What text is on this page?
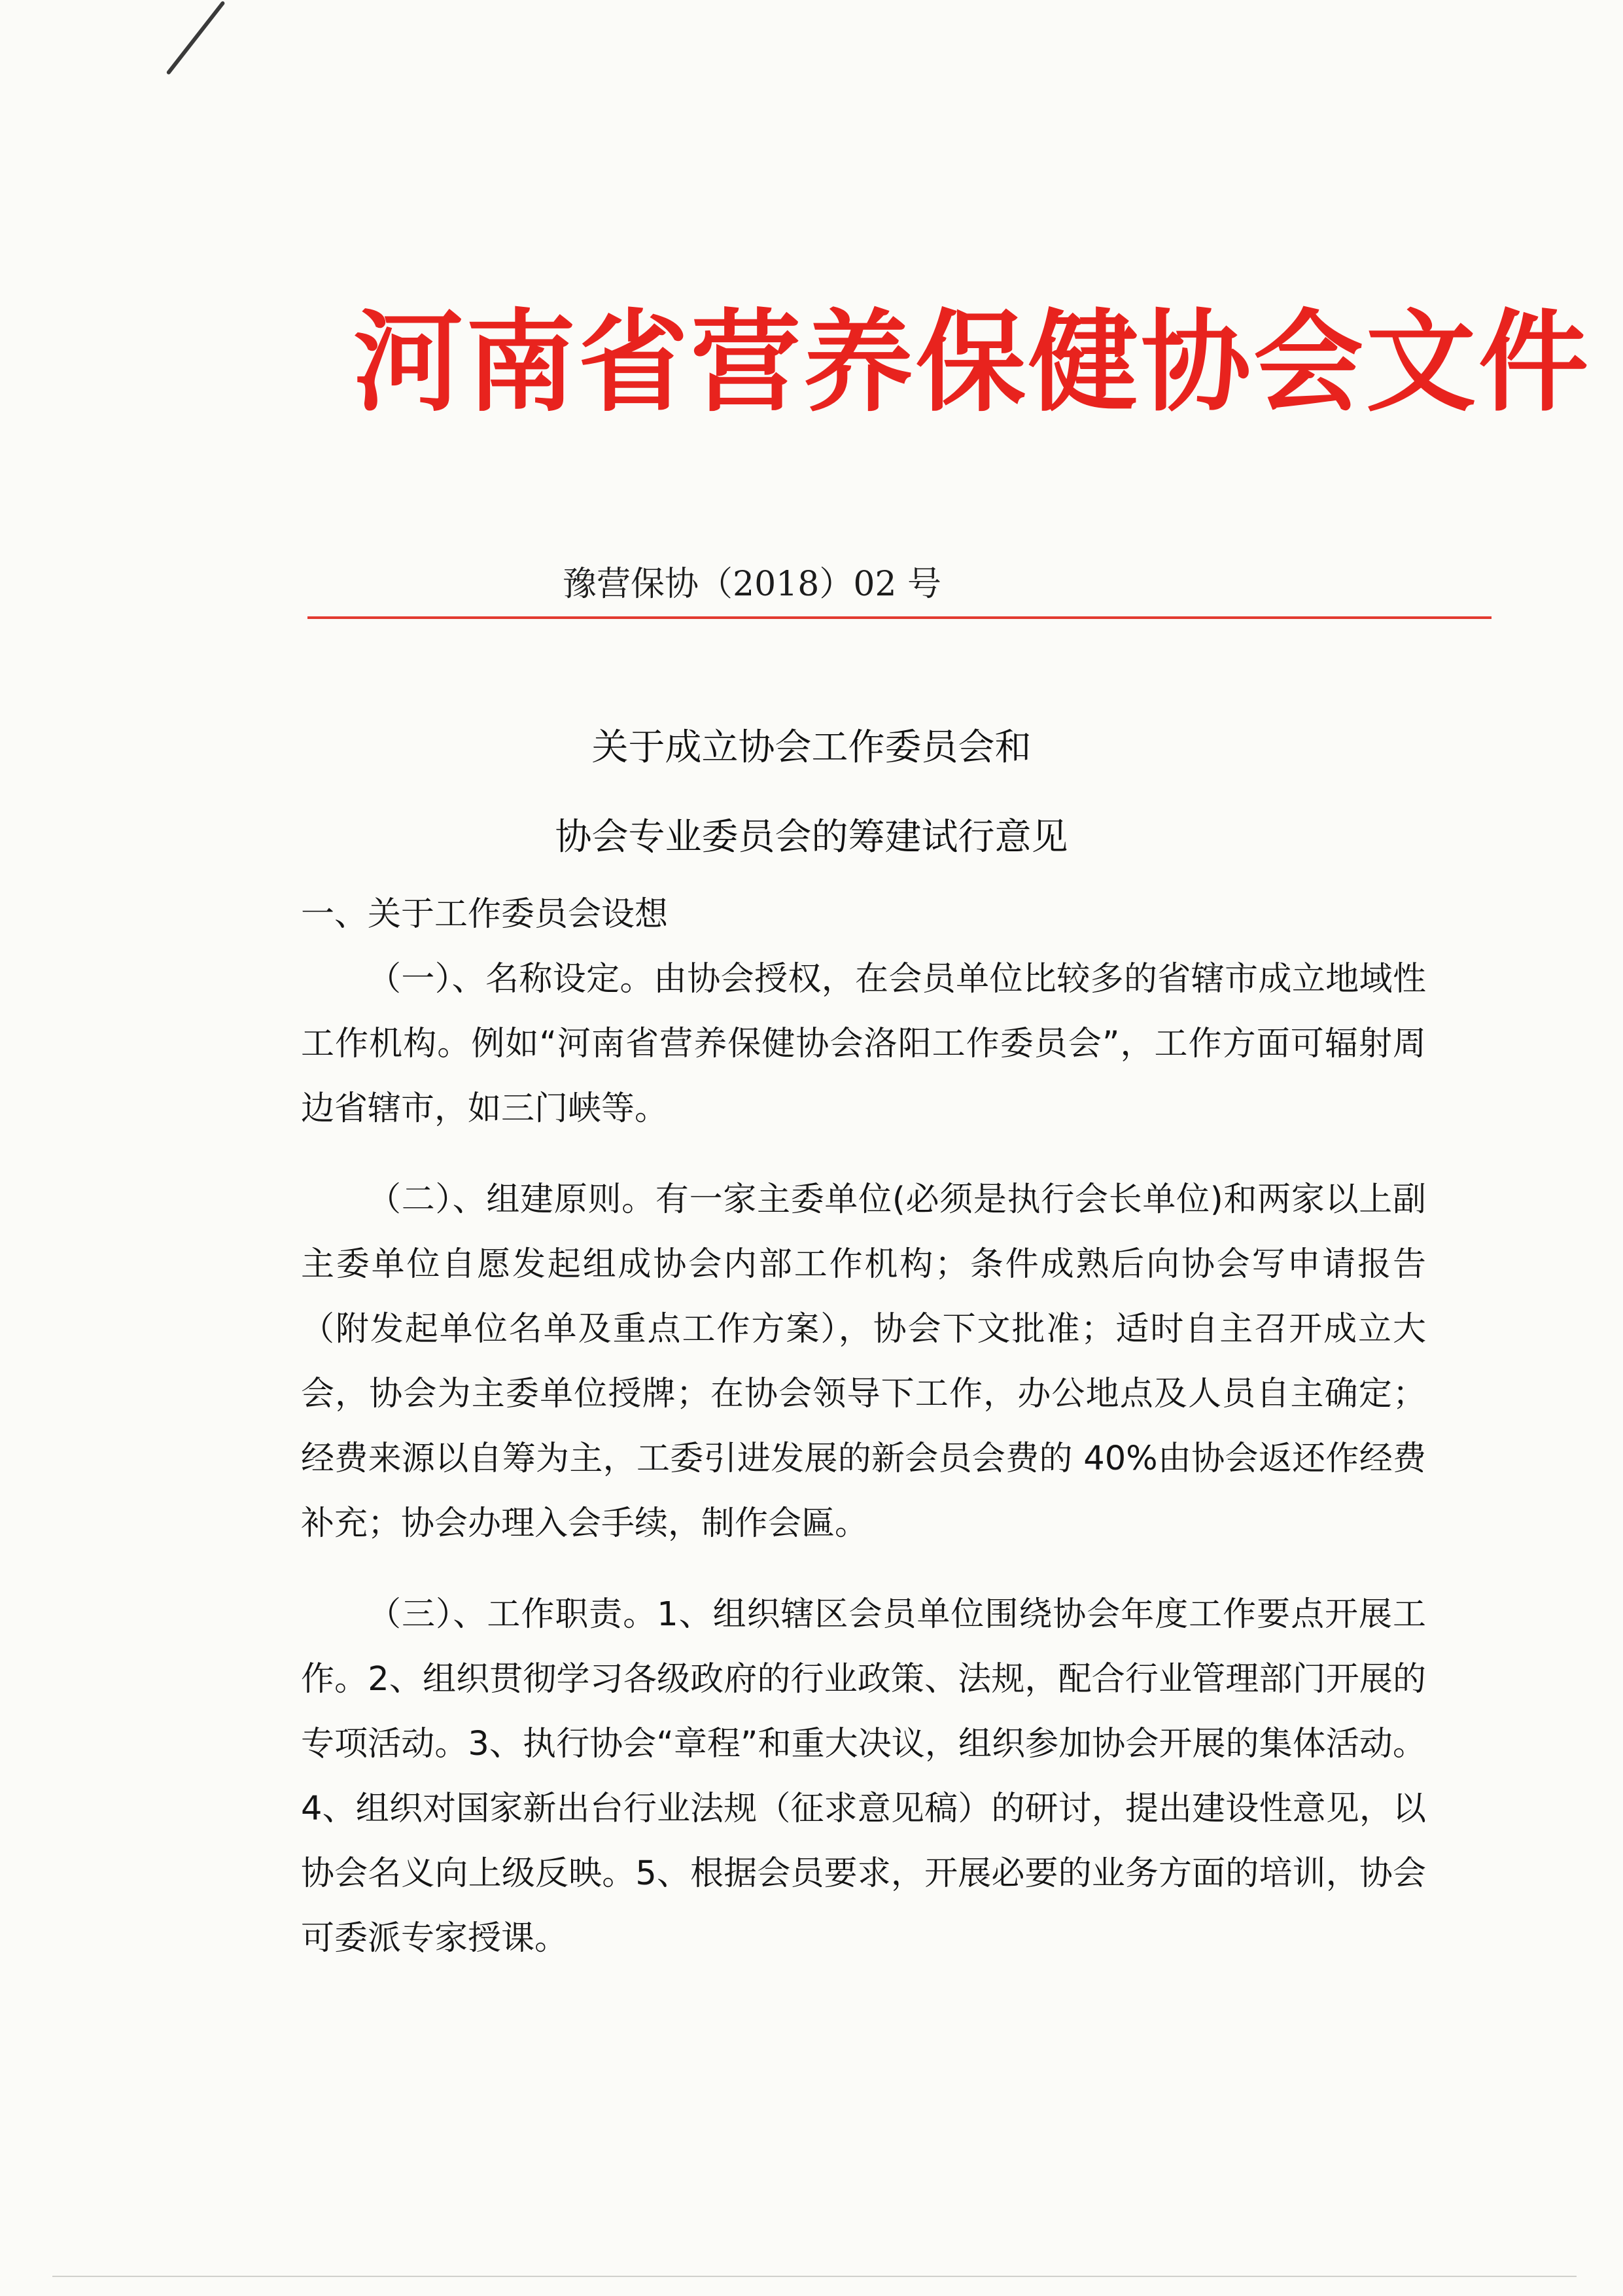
河南省营养保健协会文件
豫营保协（2018）02 号
关于成立协会工作委员会和
协会专业委员会的筹建试行意见
一、关于工作委员会设想

（一）、名称设定。由协会授权，在会员单位比较多的省辖市成立地域性工作机构。例如“河南省营养保健协会洛阳工作委员会”，工作方面可辐射周边省辖市，如三门峡等。

（二）、组建原则。有一家主委单位(必须是执行会长单位)和两家以上副主委单位自愿发起组成协会内部工作机构；条件成熟后向协会写申请报告（附发起单位名单及重点工作方案），协会下文批准；适时自主召开成立大会，协会为主委单位授牌；在协会领导下工作，办公地点及人员自主确定；经费来源以自筹为主，工委引进发展的新会员会费的 40%由协会返还作经费补充；协会办理入会手续，制作会匾。

（三）、工作职责。1、组织辖区会员单位围绕协会年度工作要点开展工作。2、组织贯彻学习各级政府的行业政策、法规，配合行业管理部门开展的专项活动。3、执行协会“章程”和重大决议，组织参加协会开展的集体活动。4、组织对国家新出台行业法规（征求意见稿）的研讨，提出建设性意见，以协会名义向上级反映。5、根据会员要求，开展必要的业务方面的培训，协会可委派专家授课。
